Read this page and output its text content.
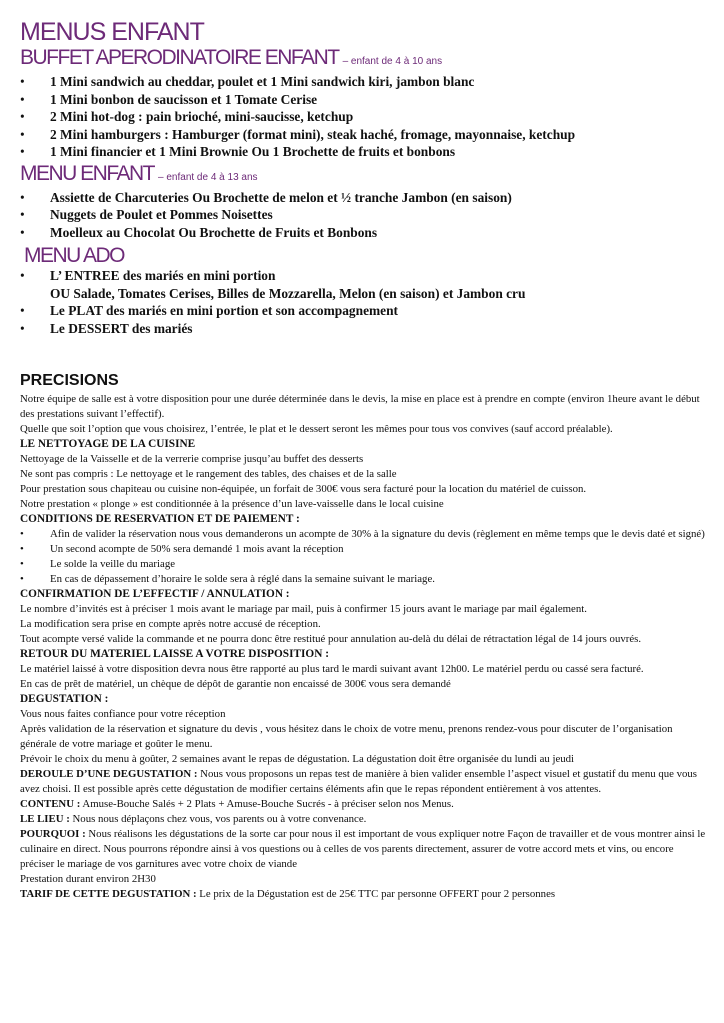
MENUS ENFANT
BUFFET APERODINATOIRE ENFANT – enfant de 4 à 10 ans
• 1 Mini sandwich au cheddar, poulet et 1 Mini sandwich kiri, jambon blanc
• 1 Mini bonbon de saucisson et 1 Tomate Cerise
• 2 Mini hot-dog : pain brioché, mini-saucisse, ketchup
• 2 Mini hamburgers : Hamburger (format mini), steak haché, fromage, mayonnaise, ketchup
• 1 Mini financier et 1 Mini Brownie Ou 1 Brochette de fruits et bonbons
MENU ENFANT – enfant de 4 à 13 ans
• Assiette de Charcuteries Ou Brochette de melon et ½ tranche Jambon (en saison)
• Nuggets de Poulet et Pommes Noisettes
• Moelleux au Chocolat Ou Brochette de Fruits et Bonbons
MENU ADO
• L’ ENTREE des mariés en mini portion
OU Salade, Tomates Cerises, Billes de Mozzarella, Melon (en saison) et Jambon cru
• Le PLAT des mariés en mini portion et son accompagnement
• Le DESSERT des mariés
PRECISIONS

Notre équipe de salle est à votre disposition pour une durée déterminée dans le devis, la mise en place est à prendre en compte (environ 1heure avant le début des prestations suivant l’effectif).

Quelle que soit l’option que vous choisirez, l’entrée, le plat et le dessert seront les mêmes pour tous vos convives (sauf accord préalable).

LE NETTOYAGE DE LA CUISINE

Nettoyage de la Vaisselle et de la verrerie comprise jusqu’au buffet des desserts

Ne sont pas compris : Le nettoyage et le rangement des tables, des chaises et de la salle

Pour prestation sous chapiteau ou cuisine non-équipée, un forfait de 300€ vous sera facturé pour la location du matériel de cuisson.

Notre prestation « plonge » est conditionnée à la présence d’un lave-vaisselle dans le local cuisine

CONDITIONS DE RESERVATION ET DE PAIEMENT :
• Afin de valider la réservation nous vous demanderons un acompte de 30% à la signature du devis (règlement en même temps que le devis daté et signé)
• Un second acompte de 50% sera demandé 1 mois avant la réception
• Le solde la veille du mariage
• En cas de dépassement d’horaire le solde sera à réglé dans la semaine suivant le mariage.
CONFIRMATION DE L’EFFECTIF / ANNULATION :

Le nombre d’invités est à préciser 1 mois avant le mariage par mail, puis à confirmer 15 jours avant le mariage par mail également.

La modification sera prise en compte après notre accusé de réception.

Tout acompte versé valide la commande et ne pourra donc être restitué pour annulation au-delà du délai de rétractation légal de 14 jours ouvrés.

RETOUR DU MATERIEL LAISSE A VOTRE DISPOSITION :

Le matériel laissé à votre disposition devra nous être rapporté au plus tard le mardi suivant avant 12h00. Le matériel perdu ou cassé sera facturé.

En cas de prêt de matériel, un chèque de dépôt de garantie non encaissé de 300€ vous sera demandé

DEGUSTATION :

Vous nous faites confiance pour votre réception

Après validation de la réservation et signature du devis , vous hésitez dans le choix de votre menu, prenons rendez-vous pour discuter de l’organisation générale de votre mariage et goûter le menu.

Prévoir le choix du menu à goûter, 2 semaines avant le repas de dégustation. La dégustation doit être organisée du lundi au jeudi

DEROULE D’UNE DEGUSTATION : Nous vous proposons un repas test de manière à bien valider ensemble l’aspect visuel et gustatif du menu que vous avez choisi. Il est possible après cette dégustation de modifier certains éléments afin que le repas répondent entièrement à vos attentes.

CONTENU : Amuse-Bouche Salés + 2 Plats + Amuse-Bouche Sucrés - à préciser selon nos Menus.

LE LIEU : Nous nous déplaçons chez vous, vos parents ou à votre convenance.

POURQUOI : Nous réalisons les dégustations de la sorte car pour nous il est important de vous expliquer notre Façon de travailler et de vous montrer ainsi le culinaire en direct. Nous pourrons répondre ainsi à vos questions ou à celles de vos parents directement, assurer de votre accord mets et vins, ou encore préciser le mariage de vos garnitures avec votre choix de viande

Prestation durant environ 2H30

TARIF DE CETTE DEGUSTATION : Le prix de la Dégustation est de 25€ TTC par personne OFFERT pour 2 personnes
